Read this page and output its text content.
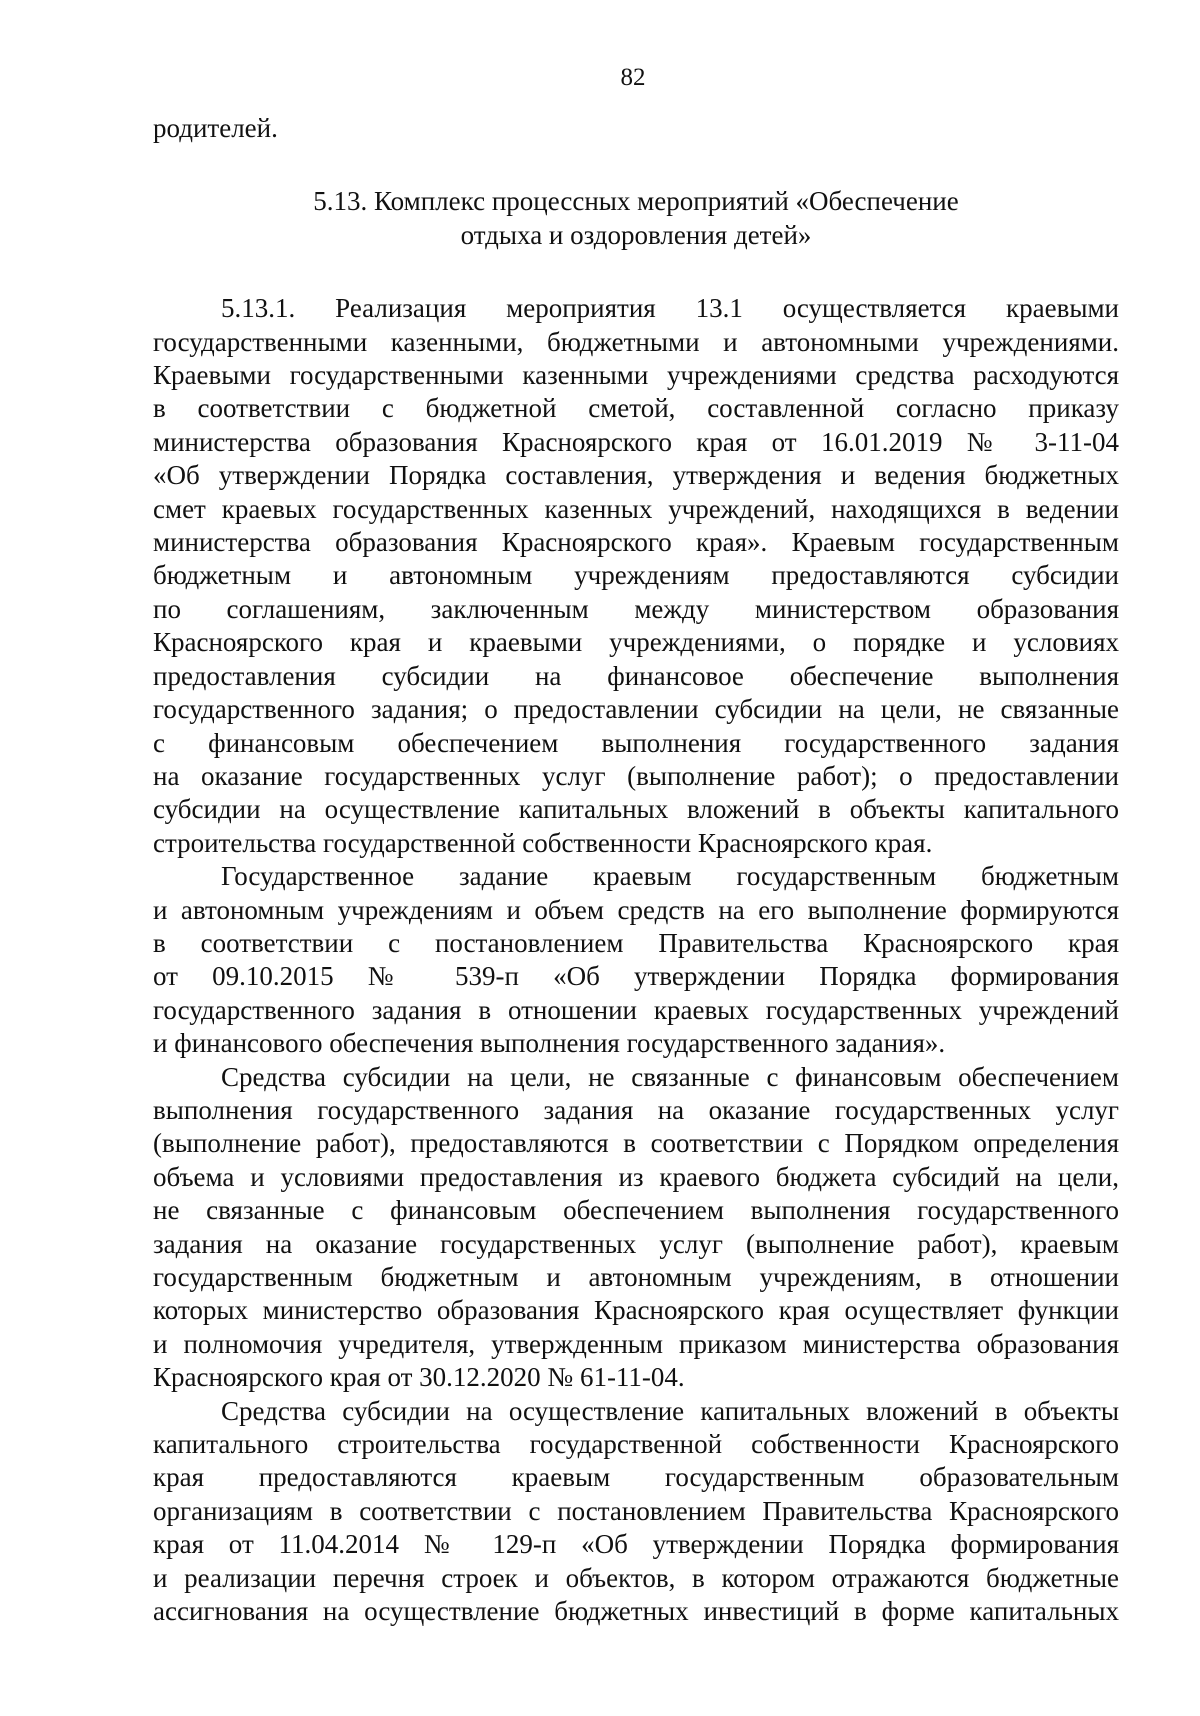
82
родителей.
5.13. Комплекс процессных мероприятий «Обеспечение
отдыха и оздоровления детей»
5.13.1. Реализация мероприятия 13.1 осуществляется краевыми
государственными казенными, бюджетными и автономными учреждениями.
Краевыми государственными казенными учреждениями средства расходуются
в соответствии с бюджетной сметой, составленной согласно приказу
министерства образования Красноярского края от 16.01.2019 № 3-11-04
«Об утверждении Порядка составления, утверждения и ведения бюджетных
смет краевых государственных казенных учреждений, находящихся в ведении
министерства образования Красноярского края». Краевым государственным
бюджетным и автономным учреждениям предоставляются субсидии
по соглашениям, заключенным между министерством образования
Красноярского края и краевыми учреждениями, о порядке и условиях
предоставления субсидии на финансовое обеспечение выполнения
государственного задания; о предоставлении субсидии на цели, не связанные
с финансовым обеспечением выполнения государственного задания
на оказание государственных услуг (выполнение работ); о предоставлении
субсидии на осуществление капитальных вложений в объекты капитального
строительства государственной собственности Красноярского края.
Государственное задание краевым государственным бюджетным
и автономным учреждениям и объем средств на его выполнение формируются
в соответствии с постановлением Правительства Красноярского края
от 09.10.2015 № 539-п «Об утверждении Порядка формирования
государственного задания в отношении краевых государственных учреждений
и финансового обеспечения выполнения государственного задания».
Средства субсидии на цели, не связанные с финансовым обеспечением
выполнения государственного задания на оказание государственных услуг
(выполнение работ), предоставляются в соответствии с Порядком определения
объема и условиями предоставления из краевого бюджета субсидий на цели,
не связанные с финансовым обеспечением выполнения государственного
задания на оказание государственных услуг (выполнение работ), краевым
государственным бюджетным и автономным учреждениям, в отношении
которых министерство образования Красноярского края осуществляет функции
и полномочия учредителя, утвержденным приказом министерства образования
Красноярского края от 30.12.2020 № 61-11-04.
Средства субсидии на осуществление капитальных вложений в объекты
капитального строительства государственной собственности Красноярского
края предоставляются краевым государственным образовательным
организациям в соответствии с постановлением Правительства Красноярского
края от 11.04.2014 № 129-п «Об утверждении Порядка формирования
и реализации перечня строек и объектов, в котором отражаются бюджетные
ассигнования на осуществление бюджетных инвестиций в форме капитальных
